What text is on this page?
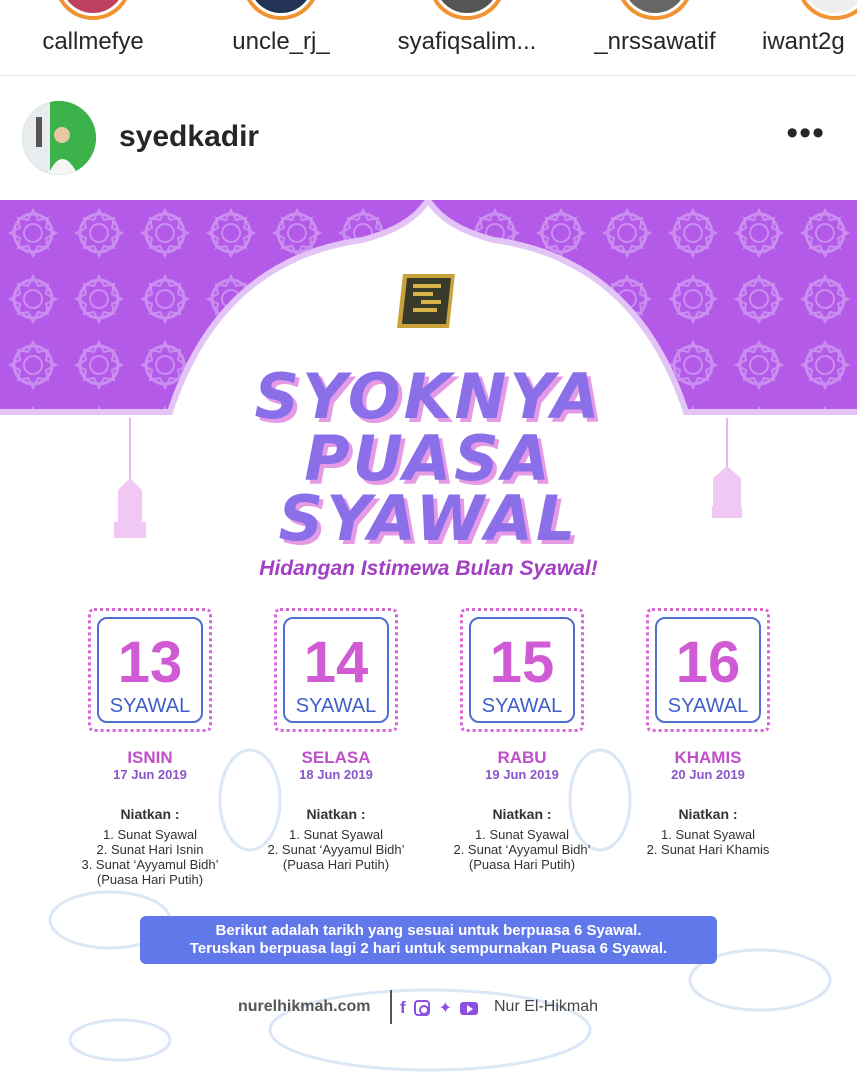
callmefye	uncle_rj_	syafiqsalim...	_nrssawatif	iwant2g
syedkadir	•••
SYOKNYA
PUASA
SYAWAL
Hidangan Istimewa Bulan Syawal!
13
SYAWAL
ISNIN
17 Jun 2019
Niatkan :
1. Sunat Syawal
2. Sunat Hari Isnin
3. Sunat ‘Ayyamul Bidh’
(Puasa Hari Putih)
14
SYAWAL
SELASA
18 Jun 2019
Niatkan :
1. Sunat Syawal
2. Sunat ‘Ayyamul Bidh’
(Puasa Hari Putih)
15
SYAWAL
RABU
19 Jun 2019
Niatkan :
1. Sunat Syawal
2. Sunat ‘Ayyamul Bidh’
(Puasa Hari Putih)
16
SYAWAL
KHAMIS
20 Jun 2019
Niatkan :
1. Sunat Syawal
2. Sunat Hari Khamis
Berikut adalah tarikh yang sesuai untuk berpuasa 6 Syawal.
Teruskan berpuasa lagi 2 hari untuk sempurnakan Puasa 6 Syawal.
nurelhikmah.com f ✦	Nur El-Hikmah
